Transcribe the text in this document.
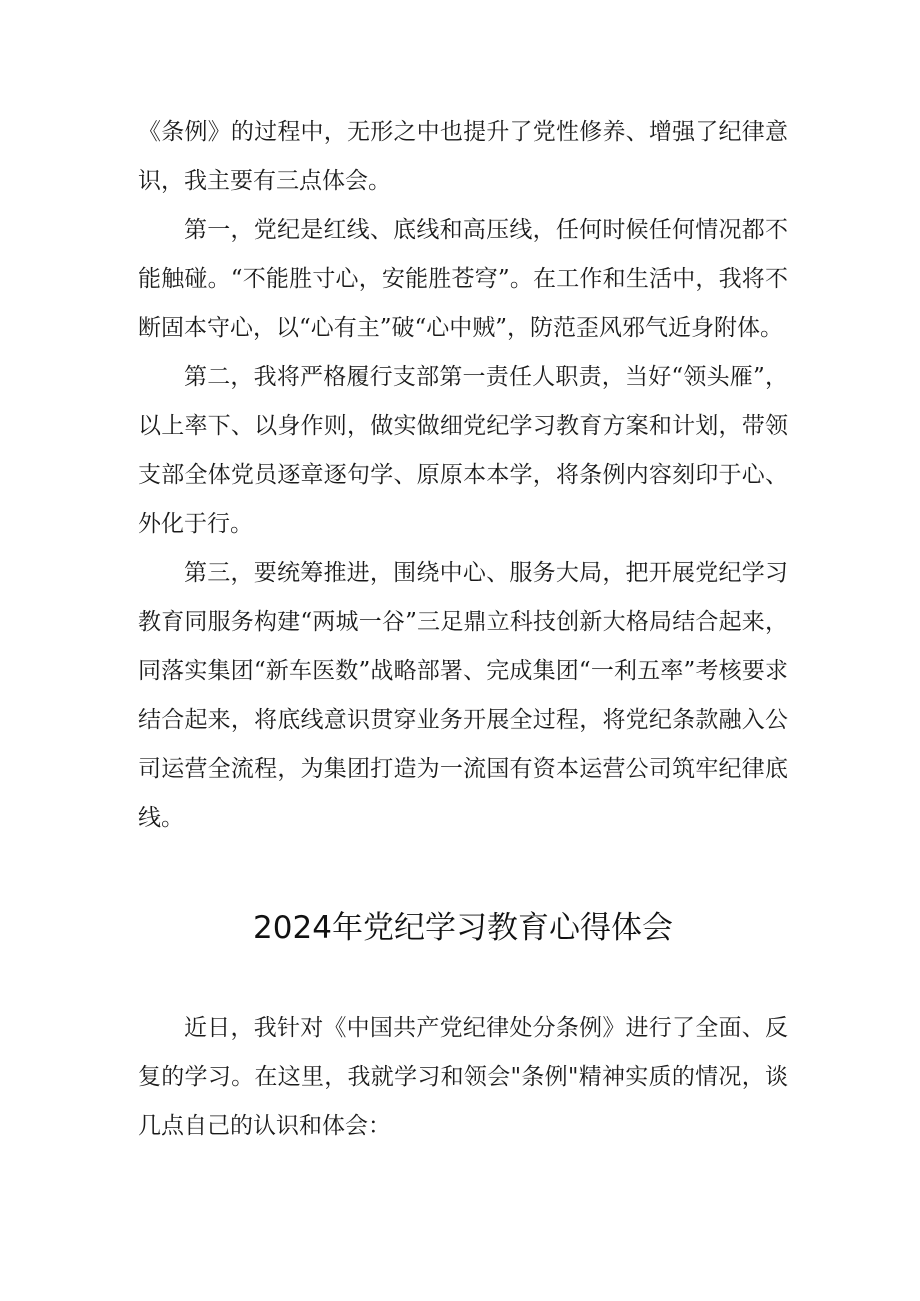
《条例》的过程中，无形之中也提升了党性修养、增强了纪律意识，我主要有三点体会。

第一，党纪是红线、底线和高压线，任何时候任何情况都不能触碰。“不能胜寸心，安能胜苍穹”。在工作和生活中，我将不断固本守心，以“心有主”破“心中贼”，防范歪风邪气近身附体。

第二，我将严格履行支部第一责任人职责，当好“领头雁”，以上率下、以身作则，做实做细党纪学习教育方案和计划，带领支部全体党员逐章逐句学、原原本本学，将条例内容刻印于心、外化于行。

第三，要统筹推进，围绕中心、服务大局，把开展党纪学习教育同服务构建“两城一谷”三足鼎立科技创新大格局结合起来，同落实集团“新车医数”战略部署、完成集团“一利五率”考核要求结合起来，将底线意识贯穿业务开展全过程，将党纪条款融入公司运营全流程，为集团打造为一流国有资本运营公司筑牢纪律底线。

2024年党纪学习教育心得体会

近日，我针对《中国共产党纪律处分条例》进行了全面、反复的学习。在这里，我就学习和领会"条例"精神实质的情况，谈几点自己的认识和体会：
